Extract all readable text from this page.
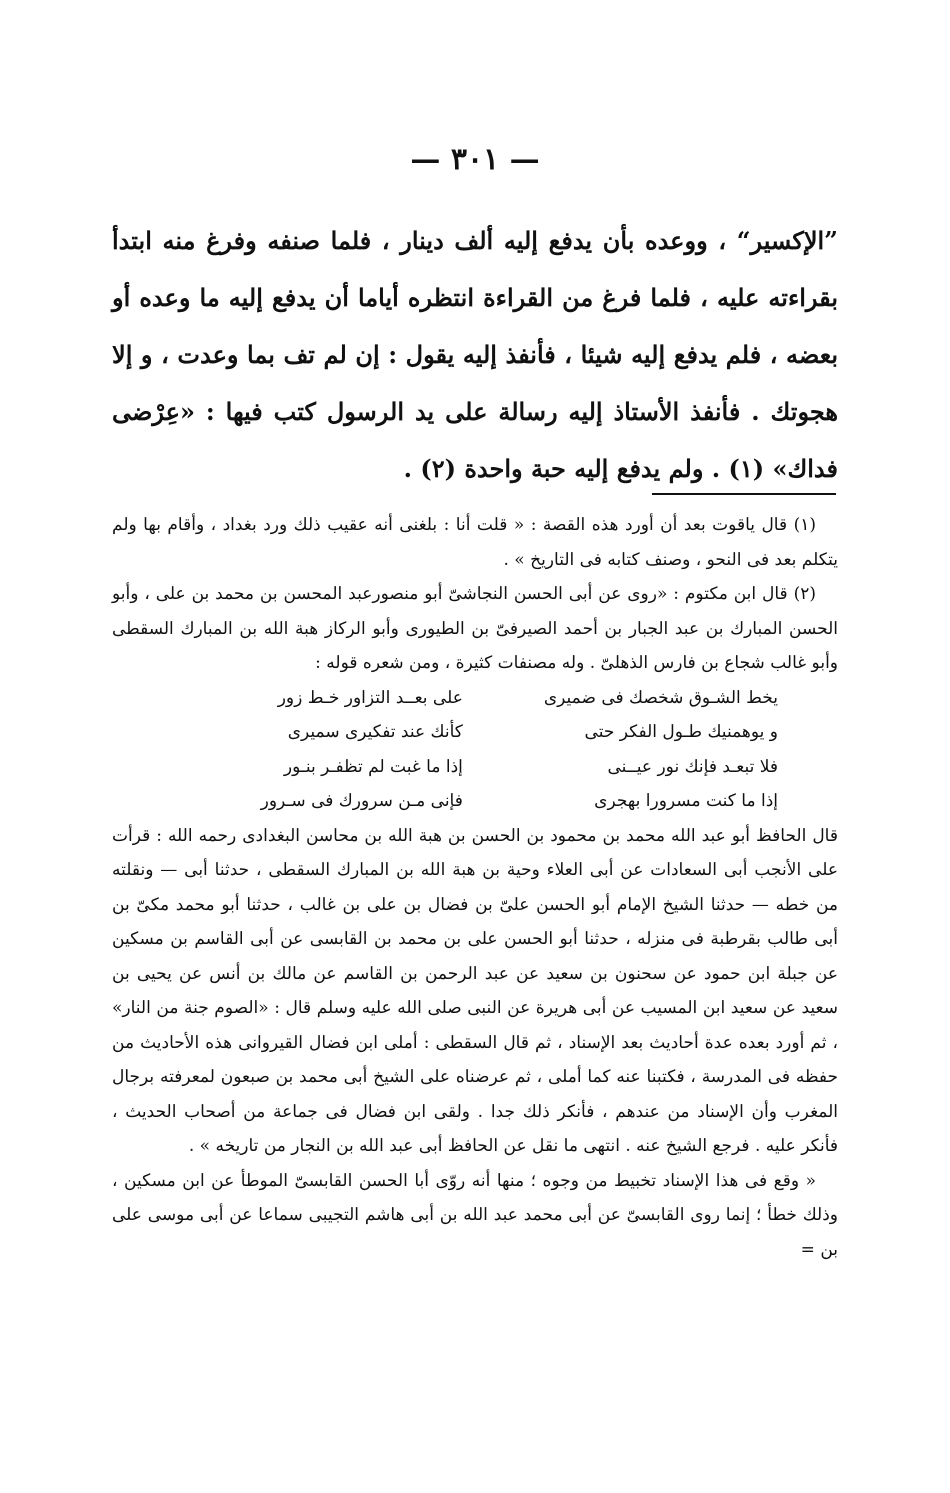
— ٣٠١ —

”الإكسير“ ، ووعده بأن يدفع إليه ألف دينار ، فلما صنفه وفرغ منه ابتدأ بقراءته عليه ، فلما فرغ من القراءة انتظره أياما أن يدفع إليه ما وعده أو بعضه ، فلم يدفع إليه شيئا ، فأنفذ إليه يقول : إن لم تف بما وعدت ، و إلا هجوتك . فأنفذ الأستاذ إليه رسالة على يد الرسول كتب فيها : «عِرْضى فداك» (١) . ولم يدفع إليه حبة واحدة (٢) .

(١) قال ياقوت بعد أن أورد هذه القصة : « قلت أنا : بلغنى أنه عقيب ذلك ورد بغداد ، وأقام بها ولم يتكلم بعد فى النحو ، وصنف كتابه فى التاريخ » .

(٢) قال ابن مكتوم : «روى عن أبى الحسن النجاشىّ أبو منصورعبد المحسن بن محمد بن على ، وأبو الحسن المبارك بن عبد الجبار بن أحمد الصيرفىّ بن الطيورى وأبو الركاز هبة الله بن المبارك السقطى وأبو غالب شجاع بن فارس الذهلىّ . وله مصنفات كثيرة ، ومن شعره قوله :

يخط الشـوق شخصك فى ضميرى
على بعــد التزاور خـط زور
و يوهمنيك طـول الفكر حتى
كأنك عند تفكيرى سميرى
فلا تبعـد فإنك نور عيــنى
إذا ما غبت لم تظفـر بنـور
إذا ما كنت مسرورا بهجرى
فإنى مـن سرورك فى سـرور

قال الحافظ أبو عبد الله محمد بن محمود بن الحسن بن هبة الله بن محاسن البغدادى رحمه الله : قرأت على الأنجب أبى السعادات عن أبى العلاء وحية بن هبة الله بن المبارك السقطى ، حدثنا أبى — ونقلته من خطه — حدثنا الشيخ الإمام أبو الحسن علىّ بن فضال بن على بن غالب ، حدثنا أبو محمد مكىّ بن أبى طالب بقرطبة فى منزله ، حدثنا أبو الحسن على بن محمد بن القابسى عن أبى القاسم بن مسكين عن جبلة ابن حمود عن سحنون بن سعيد عن عبد الرحمن بن القاسم عن مالك بن أنس عن يحيى بن سعيد عن سعيد ابن المسيب عن أبى هريرة عن النبى صلى الله عليه وسلم قال : «الصوم جنة من النار» ، ثم أورد بعده عدة أحاديث بعد الإسناد ، ثم قال السقطى : أملى ابن فضال القيروانى هذه الأحاديث من حفظه فى المدرسة ، فكتبنا عنه كما أملى ، ثم عرضناه على الشيخ أبى محمد بن صبعون لمعرفته برجال المغرب وأن الإسناد من عندهم ، فأنكر ذلك جدا . ولقى ابن فضال فى جماعة من أصحاب الحديث ، فأنكر عليه . فرجع الشيخ عنه . انتهى ما نقل عن الحافظ أبى عبد الله بن النجار من تاريخه » .

« وقع فى هذا الإسناد تخبيط من وجوه ؛ منها أنه روّى أبا الحسن القابسىّ الموطأ عن ابن مسكين ، وذلك خطأ ؛ إنما روى القابسىّ عن أبى محمد عبد الله بن أبى هاشم التجيبى سماعا عن أبى موسى على بن =
